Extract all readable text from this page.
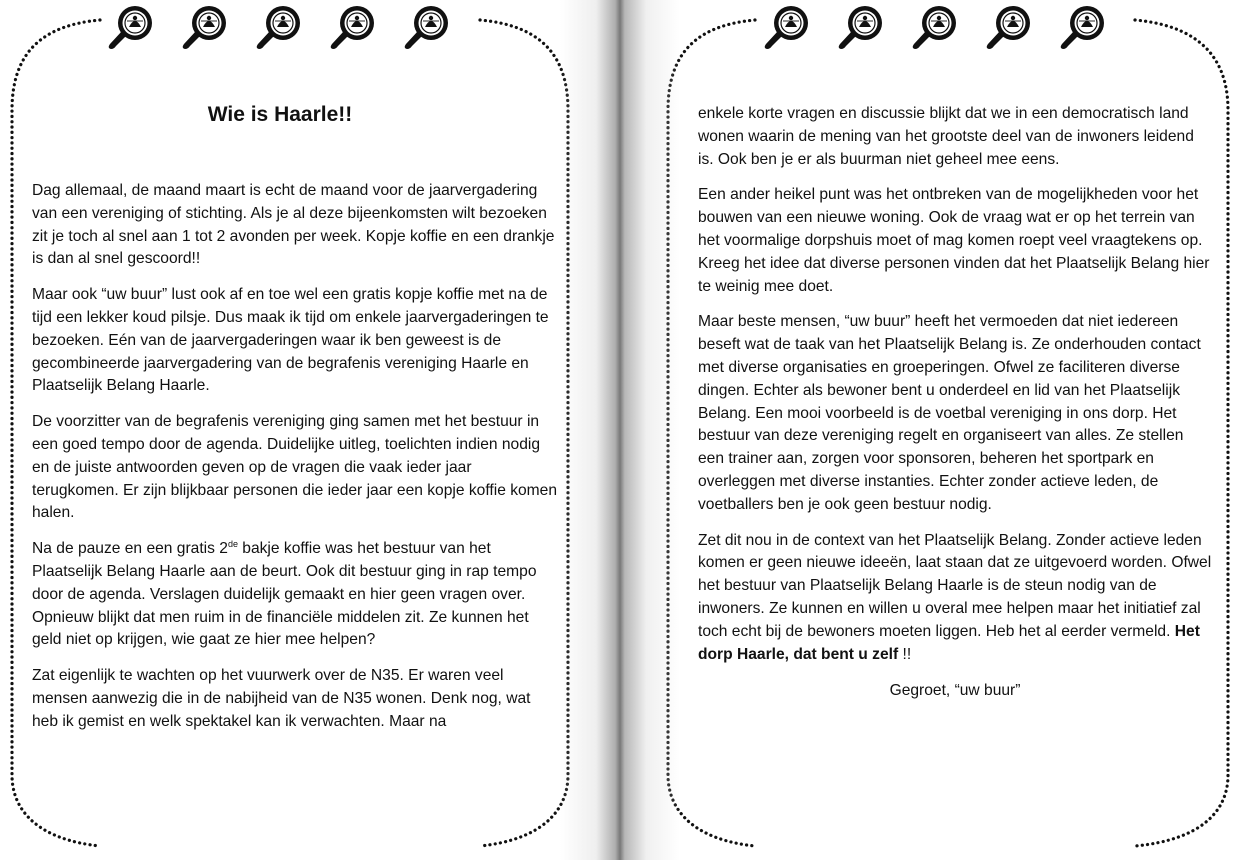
Wie is Haarle!!

Dag allemaal, de maand maart is echt de maand voor de jaarvergadering van een vereniging of stichting. Als je al deze bijeenkomsten wilt bezoeken zit je toch al snel aan 1 tot 2 avonden per week. Kopje koffie en een drankje is dan al snel gescoord!!

Maar ook “uw buur” lust ook af en toe wel een gratis kopje koffie met na de tijd een lekker koud pilsje. Dus maak ik tijd om enkele jaarvergaderingen te bezoeken. Eén van de jaarvergaderingen waar ik ben geweest is de gecombineerde jaarvergadering van de begrafenis vereniging Haarle en Plaatselijk Belang Haarle.

De voorzitter van de begrafenis vereniging ging samen met het bestuur in een goed tempo door de agenda. Duidelijke uitleg, toelichten indien nodig en de juiste antwoorden geven op de vragen die vaak ieder jaar terugkomen. Er zijn blijkbaar personen die ieder jaar een kopje koffie komen halen.

Na de pauze en een gratis 2de bakje koffie was het bestuur van het Plaatselijk Belang Haarle aan de beurt. Ook dit bestuur ging in rap tempo door de agenda. Verslagen duidelijk gemaakt en hier geen vragen over. Opnieuw blijkt dat men ruim in de financiële middelen zit. Ze kunnen het geld niet op krijgen, wie gaat ze hier mee helpen?

Zat eigenlijk te wachten op het vuurwerk over de N35. Er waren veel mensen aanwezig die in de nabijheid van de N35 wonen. Denk nog, wat heb ik gemist en welk spektakel kan ik verwachten. Maar na

enkele korte vragen en discussie blijkt dat we in een democratisch land wonen waarin de mening van het grootste deel van de inwoners leidend is. Ook ben je er als buurman niet geheel mee eens.

Een ander heikel punt was het ontbreken van de mogelijkheden voor het bouwen van een nieuwe woning. Ook de vraag wat er op het terrein van het voormalige dorpshuis moet of mag komen roept veel vraagtekens op. Kreeg het idee dat diverse personen vinden dat het Plaatselijk Belang hier te weinig mee doet.

Maar beste mensen, “uw buur” heeft het vermoeden dat niet iedereen beseft wat de taak van het Plaatselijk Belang is. Ze onderhouden contact met diverse organisaties en groeperingen. Ofwel ze faciliteren diverse dingen. Echter als bewoner bent u onderdeel en lid van het Plaatselijk Belang. Een mooi voorbeeld is de voetbal vereniging in ons dorp. Het bestuur van deze vereniging regelt en organiseert van alles. Ze stellen een trainer aan, zorgen voor sponsoren, beheren het sportpark en overleggen met diverse instanties. Echter zonder actieve leden, de voetballers ben je ook geen bestuur nodig.

Zet dit nou in de context van het Plaatselijk Belang. Zonder actieve leden komen er geen nieuwe ideeën, laat staan dat ze uitgevoerd worden. Ofwel het bestuur van Plaatselijk Belang Haarle is de steun nodig van de inwoners. Ze kunnen en willen u overal mee helpen maar het initiatief zal toch echt bij de bewoners moeten liggen. Heb het al eerder vermeld. Het dorp Haarle, dat bent u zelf !!

Gegroet, “uw buur”
